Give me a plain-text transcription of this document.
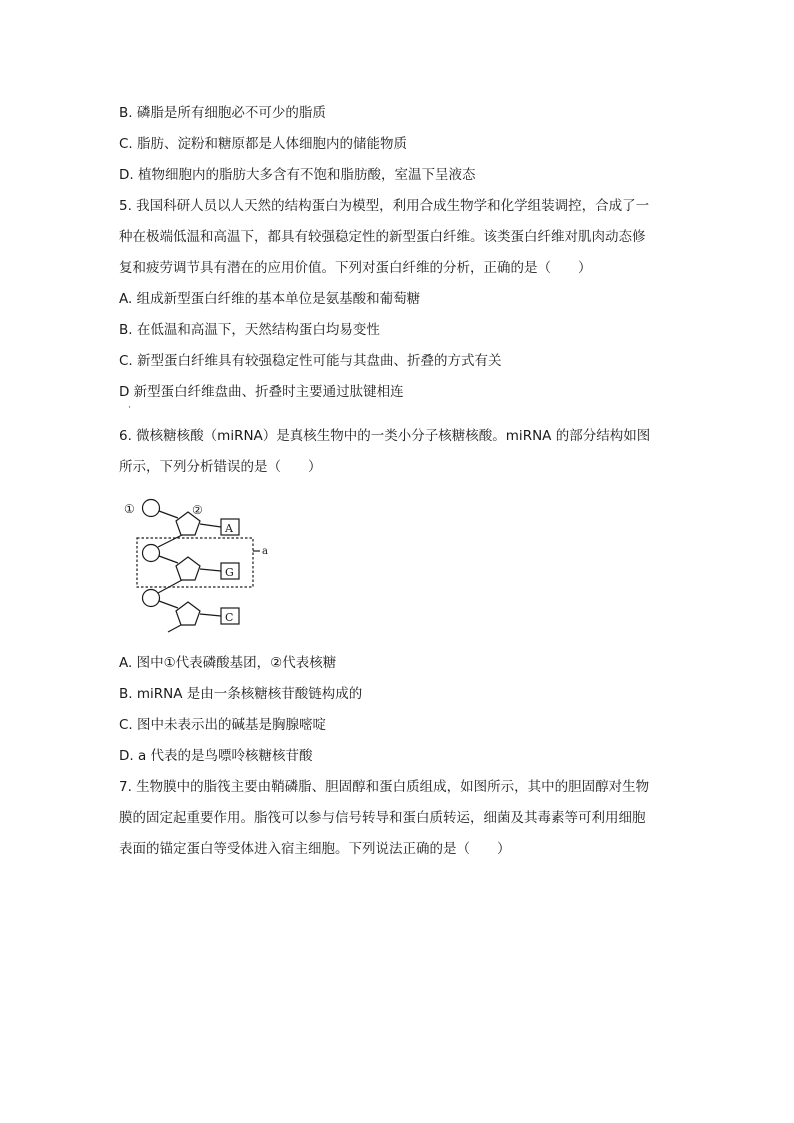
B. 磷脂是所有细胞必不可少的脂质
C. 脂肪、淀粉和糖原都是人体细胞内的储能物质
D. 植物细胞内的脂肪大多含有不饱和脂肪酸，室温下呈液态
5. 我国科研人员以人天然的结构蛋白为模型，利用合成生物学和化学组装调控，合成了一
种在极端低温和高温下，都具有较强稳定性的新型蛋白纤维。该类蛋白纤维对肌肉动态修
复和疲劳调节具有潜在的应用价值。下列对蛋白纤维的分析，正确的是（　　）
A. 组成新型蛋白纤维的基本单位是氨基酸和葡萄糖
B. 在低温和高温下，天然结构蛋白均易变性
C. 新型蛋白纤维具有较强稳定性可能与其盘曲、折叠的方式有关
D 新型蛋白纤维盘曲、折叠时主要通过肽键相连
6. 微核糖核酸（miRNA）是真核生物中的一类小分子核糖核酸。miRNA 的部分结构如图
所示，下列分析错误的是（　　）
A. 图中①代表磷酸基团，②代表核糖
B. miRNA 是由一条核糖核苷酸链构成的
C. 图中未表示出的碱基是胸腺嘧啶
D. a 代表的是鸟嘌呤核糖核苷酸
7. 生物膜中的脂筏主要由鞘磷脂、胆固醇和蛋白质组成，如图所示，其中的胆固醇对生物
膜的固定起重要作用。脂筏可以参与信号转导和蛋白质转运，细菌及其毒素等可利用细胞
表面的锚定蛋白等受体进入宿主细胞。下列说法正确的是（　　）
·
①	②
A
G
C
a
